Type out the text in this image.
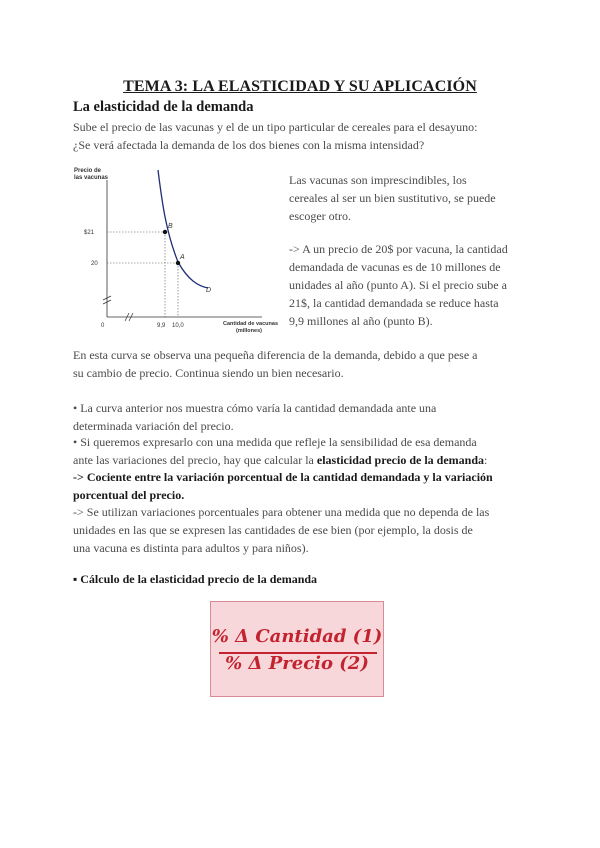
TEMA 3: LA ELASTICIDAD Y SU APLICACIÓN
La elasticidad de la demanda

Sube el precio de las vacunas y el de un tipo particular de cereales para el desayuno:
¿Se verá afectada la demanda de los dos bienes con la misma intensidad?

Precio de las vacunas
$21
20
0	9,9 10,0
B
A
D
Cantidad de vacunas (millones)

Las vacunas son imprescindibles, los
cereales al ser un bien sustitutivo, se puede
escoger otro.

-> A un precio de 20$ por vacuna, la cantidad
demandada de vacunas es de 10 millones de
unidades al año (punto A). Si el precio sube a
21$, la cantidad demandada se reduce hasta
9,9 millones al año (punto B).

En esta curva se observa una pequeña diferencia de la demanda, debido a que pese a
su cambio de precio. Continua siendo un bien necesario.

• La curva anterior nos muestra cómo varía la cantidad demandada ante una
determinada variación del precio.

• Si queremos expresarlo con una medida que refleje la sensibilidad de esa demanda
ante las variaciones del precio, hay que calcular la elasticidad precio de la demanda:

-> Cociente entre la variación porcentual de la cantidad demandada y la variación
porcentual del precio.

-> Se utilizan variaciones porcentuales para obtener una medida que no dependa de las
unidades en las que se expresen las cantidades de ese bien (por ejemplo, la dosis de
una vacuna es distinta para adultos y para niños).

▪ Cálculo de la elasticidad precio de la demanda
% Δ Cantidad (1)
% Δ Precio (2)
